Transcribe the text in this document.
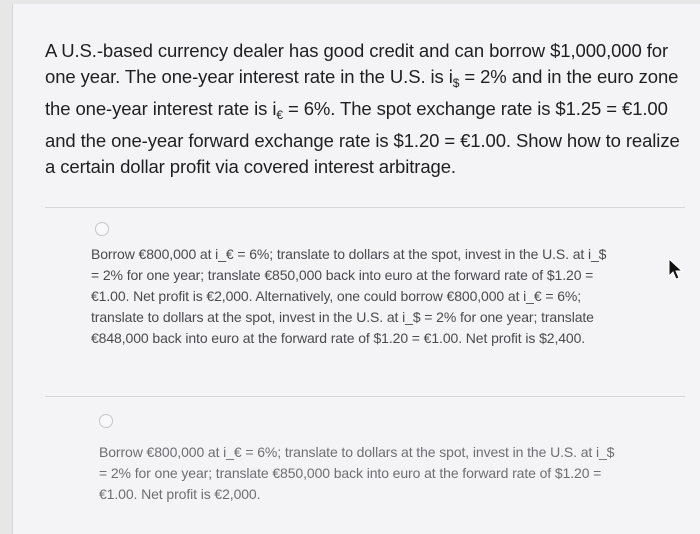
A U.S.-based currency dealer has good credit and can borrow $1,000,000 for one year. The one-year interest rate in the U.S. is $i_{\$} = 2\%$ and in the euro zone the one-year interest rate is $i_€ = 6\%$. The spot exchange rate is $1.25 = €1.00 and the one-year forward exchange rate is $1.20 = €1.00. Show how to realize a certain dollar profit via covered interest arbitrage.

Borrow €800,000 at i_€ = 6%; translate to dollars at the spot, invest in the U.S. at i_$ = 2% for one year; translate €850,000 back into euro at the forward rate of $1.20 = €1.00. Net profit is €2,000. Alternatively, one could borrow €800,000 at i_€ = 6%; translate to dollars at the spot, invest in the U.S. at i_$ = 2% for one year; translate €848,000 back into euro at the forward rate of $1.20 = €1.00. Net profit is $2,400.

Borrow €800,000 at i_€ = 6%; translate to dollars at the spot, invest in the U.S. at i_$ = 2% for one year; translate €850,000 back into euro at the forward rate of $1.20 = €1.00. Net profit is €2,000.
